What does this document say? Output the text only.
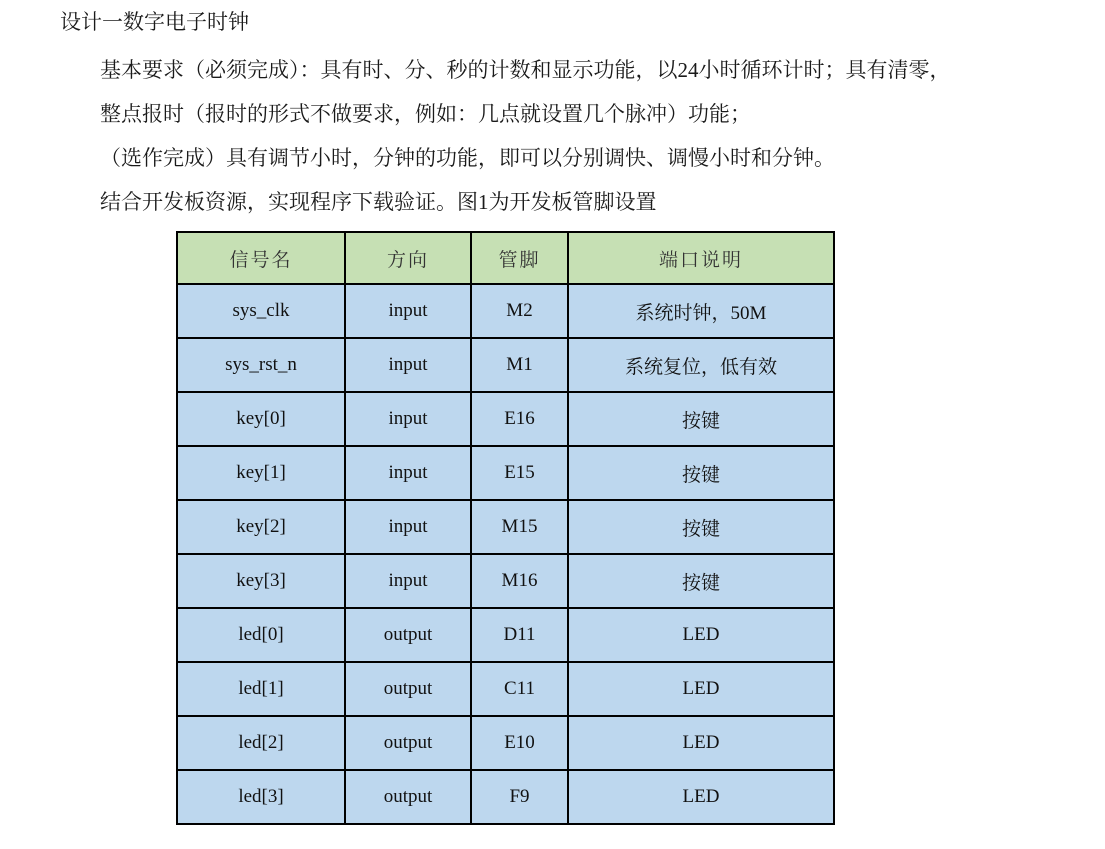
设计一数字电子时钟
基本要求（必须完成）：具有时、分、秒的计数和显示功能，以24小时循环计时；具有清零，
整点报时（报时的形式不做要求，例如：几点就设置几个脉冲）功能；
（选作完成）具有调节小时，分钟的功能，即可以分别调快、调慢小时和分钟。
结合开发板资源，实现程序下载验证。图1为开发板管脚设置
信号名	方向	管脚	端口说明
sys_clk	input	M2	系统时钟，50M
sys_rst_n	input	M1	系统复位，低有效
key[0]	input	E16	按键
key[1]	input	E15	按键
key[2]	input	M15	按键
key[3]	input	M16	按键
led[0]	output	D11	LED
led[1]	output	C11	LED
led[2]	output	E10	LED
led[3]	output	F9	LED
